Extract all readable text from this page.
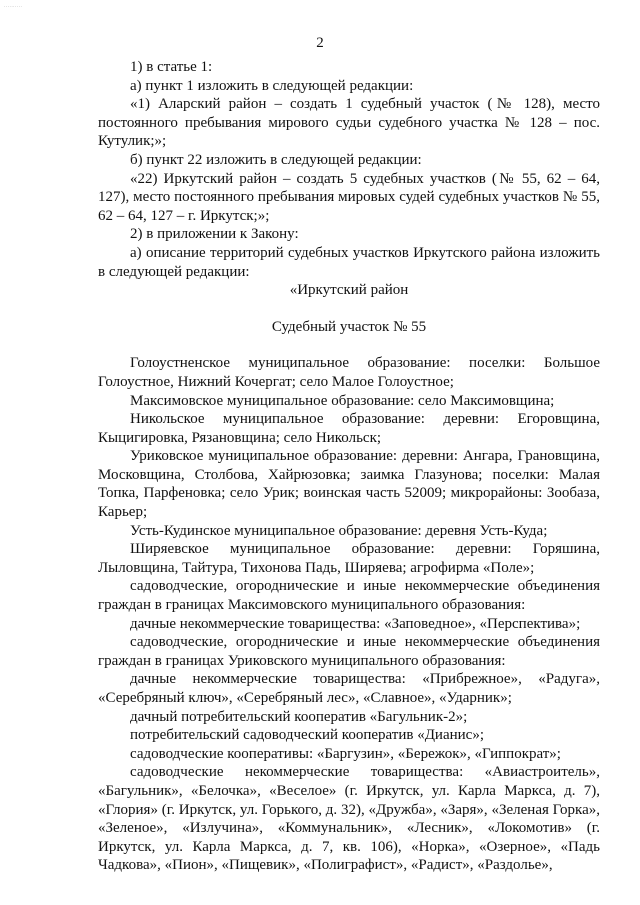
··········
2

1) в статье 1:

а) пункт 1 изложить в следующей редакции:

«1) Аларский район – создать 1 судебный участок (№ 128), место постоянного пребывания мирового судьи судебного участка № 128 – пос. Кутулик;»;

б) пункт 22 изложить в следующей редакции:

«22) Иркутский район – создать 5 судебных участков (№ 55, 62 – 64, 127), место постоянного пребывания мировых судей судебных участков № 55, 62 – 64, 127 – г. Иркутск;»;

2) в приложении к Закону:

а) описание территорий судебных участков Иркутского района изложить в следующей редакции:

«Иркутский район

Судебный участок № 55

Голоустненское муниципальное образование: поселки: Большое Голоустное, Нижний Кочергат; село Малое Голоустное;

Максимовское муниципальное образование: село Максимовщина;

Никольское муниципальное образование: деревни: Егоровщина, Кыцигировка, Рязановщина; село Никольск;

Уриковское муниципальное образование: деревни: Ангара, Грановщина, Московщина, Столбова, Хайрюзовка; заимка Глазунова; поселки: Малая Топка, Парфеновка; село Урик; воинская часть 52009; микрорайоны: Зообаза, Карьер;

Усть-Кудинское муниципальное образование: деревня Усть-Куда;

Ширяевское муниципальное образование: деревни: Горяшина, Лыловщина, Тайтура, Тихонова Падь, Ширяева; агрофирма «Поле»;

садоводческие, огороднические и иные некоммерческие объединения граждан в границах Максимовского муниципального образования:

дачные некоммерческие товарищества: «Заповедное», «Перспектива»;

садоводческие, огороднические и иные некоммерческие объединения граждан в границах Уриковского муниципального образования:

дачные некоммерческие товарищества: «Прибрежное», «Радуга», «Серебряный ключ», «Серебряный лес», «Славное», «Ударник»;

дачный потребительский кооператив «Багульник-2»;

потребительский садоводческий кооператив «Дианис»;

садоводческие кооперативы: «Баргузин», «Бережок», «Гиппократ»;

садоводческие некоммерческие товарищества: «Авиастроитель», «Багульник», «Белочка», «Веселое» (г. Иркутск, ул. Карла Маркса, д. 7), «Глория» (г. Иркутск, ул. Горького, д. 32), «Дружба», «Заря», «Зеленая Горка», «Зеленое», «Излучина», «Коммунальник», «Лесник», «Локомотив» (г. Иркутск, ул. Карла Маркса, д. 7, кв. 106), «Норка», «Озерное», «Падь Чадкова», «Пион», «Пищевик», «Полиграфист», «Радист», «Раздолье»,
